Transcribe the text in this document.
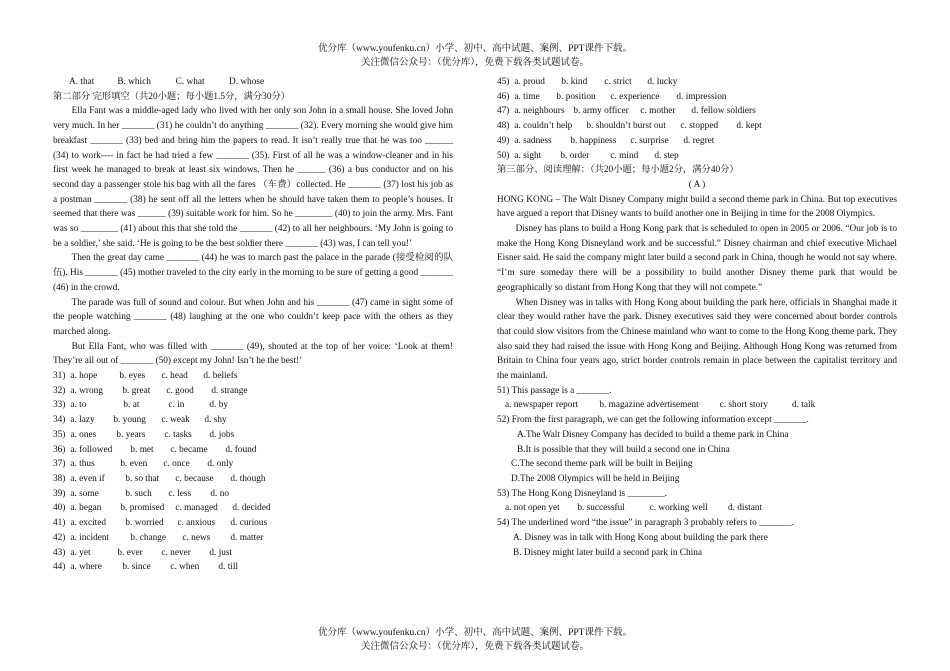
优分库（www.youfenku.cn）小学、初中、高中试题、案例、PPT课件下载。
关注微信公众号：（优分库），免费下载各类试题试卷。
A. that B. which	C. what	D. whose
第二部分 完形填空（共20小题；每小题1.5分，满分30分）
Ella Fant was a middle-aged lady who lived with her only son John in a small house. She loved John very much. In her _______ (31) he couldn’t do anything _______ (32). Every morning she would give him breakfast _______ (33) bed and bring him the papers to read. It isn’t really true that he was too ______ (34) to work---- in fact he had tried a few _______ (35). First of all he was a window-cleaner and in his first week he managed to break at least six windows. Then he ______ (36) a bus conductor and on his second day a passenger stole his bag with all the fares （车费）collected. He _______ (37) lost his job as a postman _______ (38) he sent off all the letters when he should have taken them to people’s houses. It seemed that there was ______ (39) suitable work for him. So he ________ (40) to join the army. Mrs. Fant was so ________ (41) about this that she told the _______ (42) to all her neighbours. ‘My John is going to be a soldier,’ she said. ‘He is going to be the best soldier there _______ (43) was, I can tell you!’
Then the great day came _______ (44) he was to march past the palace in the parade (接受检阅的队伍). His _______ (45) mother traveled to the city early in the morning to be sure of getting a good _______ (46) in the crowd.
The parade was full of sound and colour. But when John and his _______ (47) came in sight some of the people watching _______ (48) laughing at the one who couldn’t keep pace with the others as they marched along.
But Ella Fant, who was filled with _______ (49), shouted at the top of her voice: ‘Look at them! They’re all out of _______ (50) except my John! Isn’t he the best!’
31) a. hope b. eyes c. head d. beliefs
32) a. wrong b. great c. good d. strange
33) a. to	b. at	c. in	d. by
34) a. lazy b. young c. weak d. shy
35) a. ones b. years c. tasks d. jobs
36) a. followed b. met c. became d. found
37) a. thus	b. even c. once d. only
38) a. even if b. so that c. because d. though
39) a. some	b. such c. less d. no
40) a. began b. promised c. managed d. decided
41) a. excited b. worried c. anxious d. curious
42) a. incident b. change c. news d. matter
43) a. yet	b. ever c. never d. just
44) a. where b. since c. when d. till
45) a. proud b. kind c. strict d. lucky
46) a. time b. position c. experience d. impression
47) a. neighbours b. army officer c. mother d. fellow soldiers
48) a. couldn’t help b. shouldn’t burst out c. stopped d. kept
49) a. sadness b. happiness c. surprise d. regret
50) a. sight b. order c. mind d. step
第三部分、阅读理解：（共20小题；每小题2分，满分40分）
( A )
HONG KONG – The Walt Disney Company might build a second theme park in China. But top executives have argued a report that Disney wants to build another one in Beijing in time for the 2008 Olympics.
Disney has plans to build a Hong Kong park that is scheduled to open in 2005 or 2006. “Our job is to make the Hong Kong Disneyland work and be successful.” Disney chairman and chief executive Michael Eisner said. He said the company might later build a second park in China, though he would not say where. “I’m sure someday there will be a possibility to build another Disney theme park that would be geographically so distant from Hong Kong that they will not compete.”
When Disney was in talks with Hong Kong about building the park here, officials in Shanghai made it clear they would rather have the park. Disney executives said they were concerned about border controls that could slow visitors from the Chinese mainland who want to come to the Hong Kong theme park. They also said they had raised the issue with Hong Kong and Beijing. Although Hong Kong was returned from Britain to China four years ago, strict border controls remain in place between the capitalist territory and the mainland.
51) This passage is a _______.
a. newspaper report b. magazine advertisement c. short story	d. talk
52) From the first paragraph, we can get the following information except _______.
A.The Walt Disney Company has decided to build a theme park in China
B.It is possible that they will build a second one in China
C.The second theme park will be built in Beijing
D.The 2008 Olympics will be held in Beijing
53) The Hong Kong Disneyland is ________.
a. not open yet b. successful	c. working well d. distant
54) The underlined word “the issue” in paragraph 3 probably refers to _______.
A. Disney was in talk with Hong Kong about building the park there
B. Disney might later build a second park in China
优分库（www.youfenku.cn）小学、初中、高中试题、案例、PPT课件下载。
关注微信公众号：（优分库），免费下载各类试题试卷。
